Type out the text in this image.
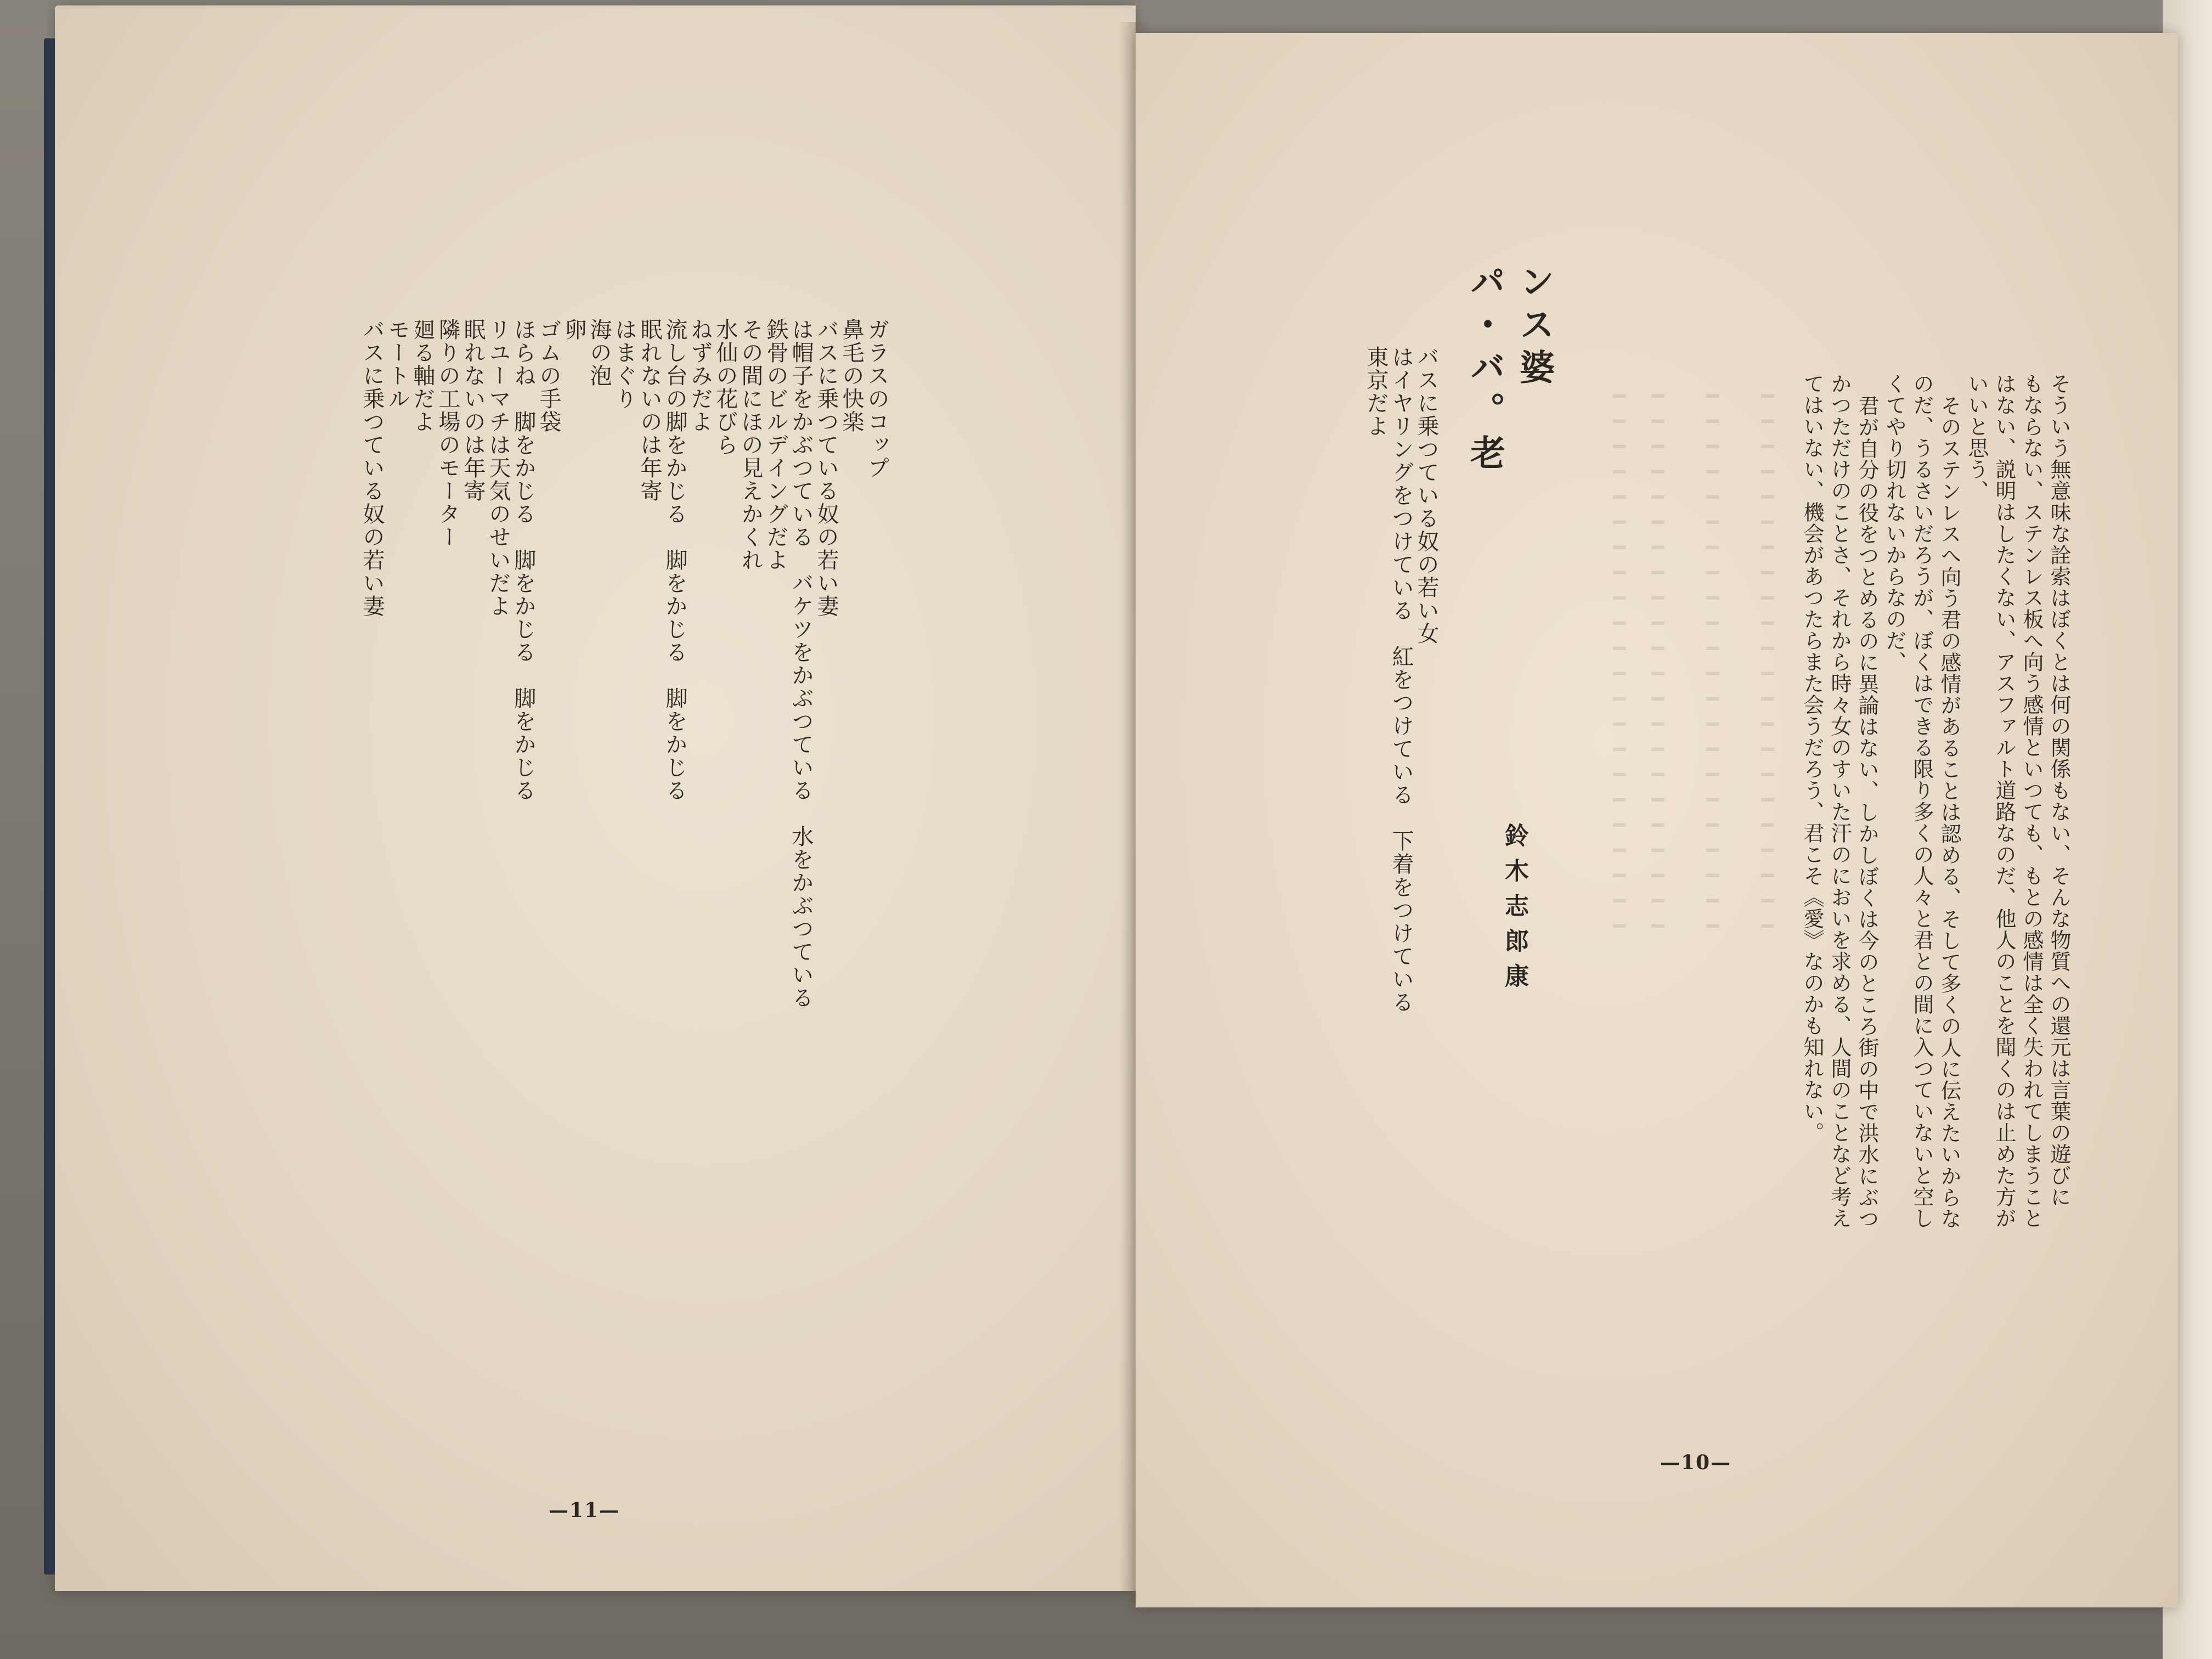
ガラスのコップ
鼻毛の快楽
バスに乗つている奴の若い妻
は帽子をかぶつている　バケツをかぶつている　水をかぶつている
鉄骨のビルデイングだよ
その間にほの見えかくれ
水仙の花びら
ねずみだよ
流し台の脚をかじる　脚をかじる　脚をかじる
眠れないのは年寄
はまぐり
海の泡
卵
ゴムの手袋
ほらね　脚をかじる　脚をかじる　脚をかじる
リユーマチは天気のせいだよ
眠れないのは年寄
隣りの工場のモーター
廻る軸だよ
モートル
バスに乗つている奴の若い妻
—11—
━━━━━━━━━━━━━━━━━━━━━━
━━━━━━━━━━━━━━━━━━━━━━
━━━━━━━━━━━━━━━━━━━━━━
━━━━━━━━━━━━━━━━━━━━━━	そういう無意味な詮索はぼくとは何の関係もない、そんな物質への還元は言葉の遊びに
もならない、ステンレス板へ向う感情といつても、もとの感情は全く失われてしまうこと
はない、説明はしたくない、アスファルト道路なのだ、他人のことを聞くのは止めた方が
いいと思う、
そのステンレスへ向う君の感情があることは認める、そして多くの人に伝えたいからな
のだ、うるさいだろうが、ぼくはできる限り多くの人々と君との間に入つていないと空し
くてやり切れないからなのだ、
君が自分の役をつとめるのに異論はない、しかしぼくは今のところ街の中で洪水にぶつ
かつただけのことさ、それから時々女のすいた汗のにおいを求める、人間のことなど考え
てはいない、機会があつたらまた会うだろう、君こそ《愛》なのかも知れない。
ンス婆
パ・バ。老
鈴木志郎康
バスに乗つている奴の若い女
はイヤリングをつけている　紅をつけている　下着をつけている
東京だよ
—10—
